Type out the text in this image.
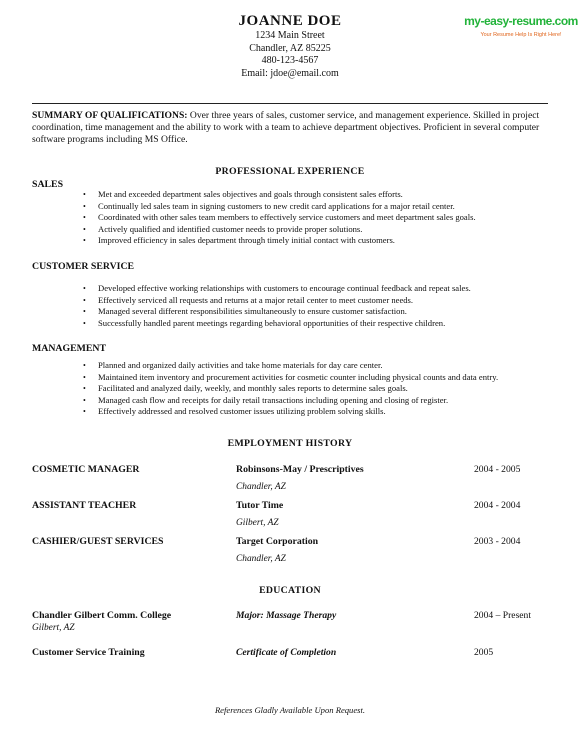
JOANNE DOE
1234 Main Street
Chandler, AZ 85225
480-123-4567
Email: jdoe@email.com
my-easy-resume.com
Your Resume Help Is Right Here!
SUMMARY OF QUALIFICATIONS: Over three years of sales, customer service, and management experience. Skilled in project coordination, time management and the ability to work with a team to achieve department objectives. Proficient in several computer software programs including MS Office.
PROFESSIONAL EXPERIENCE
SALES
• Met and exceeded department sales objectives and goals through consistent sales efforts.
• Continually led sales team in signing customers to new credit card applications for a major retail center.
• Coordinated with other sales team members to effectively service customers and meet department sales goals.
• Actively qualified and identified customer needs to provide proper solutions.
• Improved efficiency in sales department through timely initial contact with customers.
CUSTOMER SERVICE
• Developed effective working relationships with customers to encourage continual feedback and repeat sales.
• Effectively serviced all requests and returns at a major retail center to meet customer needs.
• Managed several different responsibilities simultaneously to ensure customer satisfaction.
• Successfully handled parent meetings regarding behavioral opportunities of their respective children.
MANAGEMENT
• Planned and organized daily activities and take home materials for day care center.
• Maintained item inventory and procurement activities for cosmetic counter including physical counts and data entry.
• Facilitated and analyzed daily, weekly, and monthly sales reports to determine sales goals.
• Managed cash flow and receipts for daily retail transactions including opening and closing of register.
• Effectively addressed and resolved customer issues utilizing problem solving skills.
EMPLOYMENT HISTORY
COSMETIC MANAGER	Robinsons-May / Prescriptives	2004 - 2005
Chandler, AZ
ASSISTANT TEACHER	Tutor Time	2004 - 2004
Gilbert, AZ
CASHIER/GUEST SERVICES	Target Corporation	2003 - 2004
Chandler, AZ
EDUCATION
Chandler Gilbert Comm. College	Major: Massage Therapy	2004 – Present
Gilbert, AZ
Customer Service Training	Certificate of Completion	2005
References Gladly Available Upon Request.
